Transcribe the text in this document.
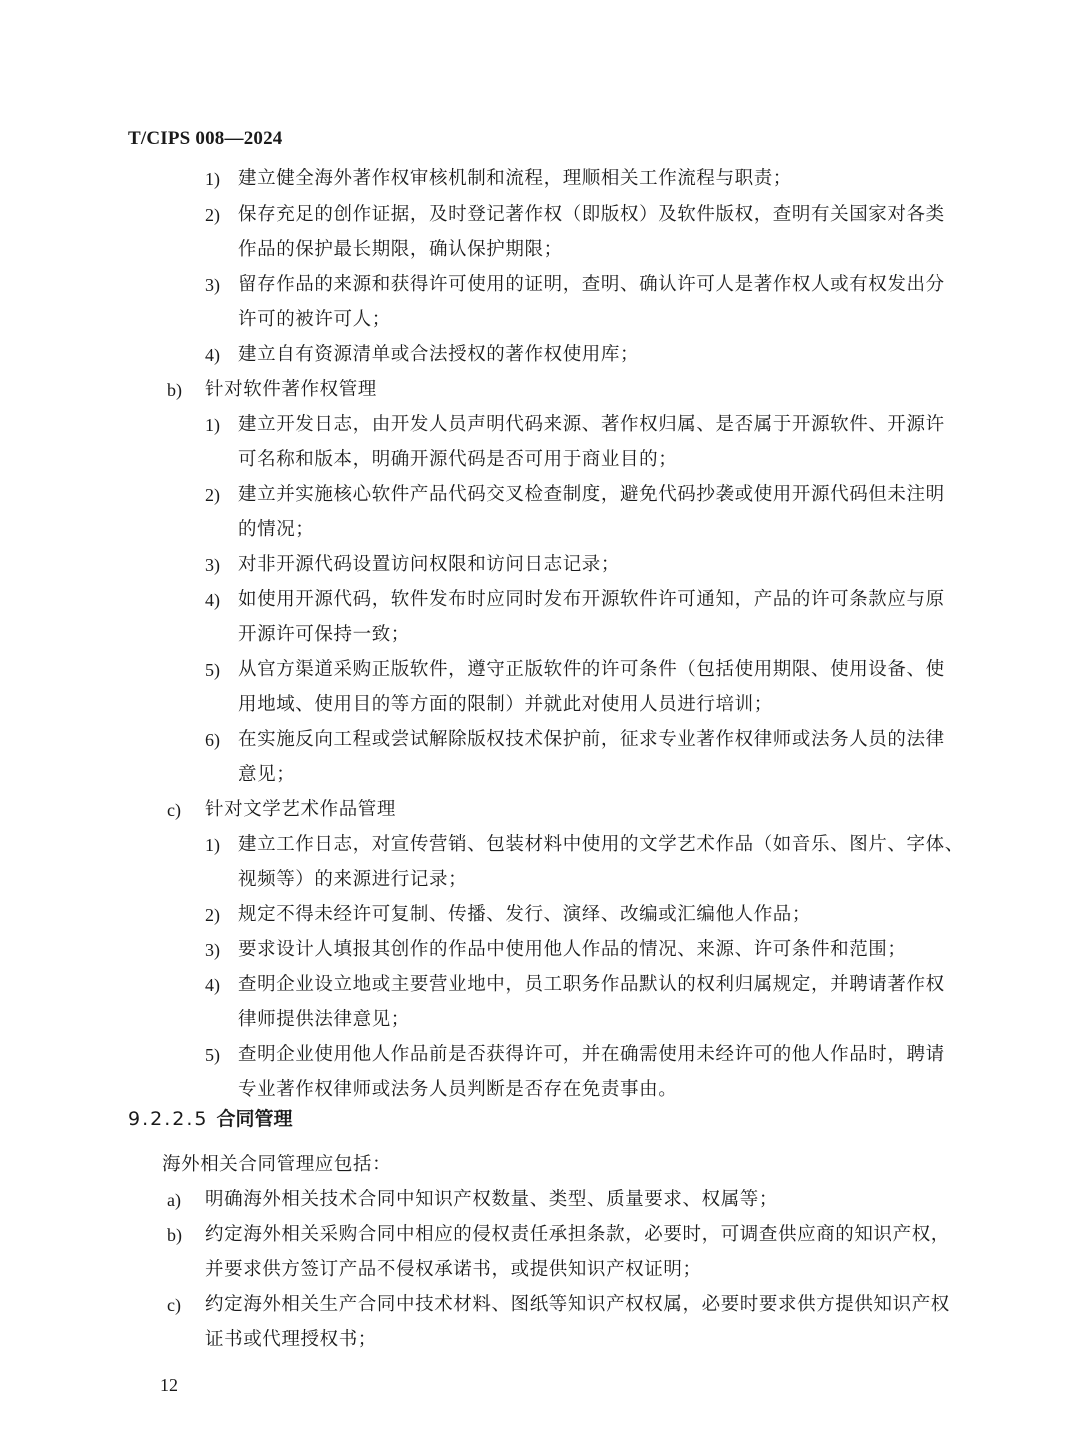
T/CIPS 008—2024
1) 建立健全海外著作权审核机制和流程，理顺相关工作流程与职责；
2) 保存充足的创作证据，及时登记著作权（即版权）及软件版权，查明有关国家对各类
作品的保护最长期限，确认保护期限；
3) 留存作品的来源和获得许可使用的证明，查明、确认许可人是著作权人或有权发出分
许可的被许可人；
4) 建立自有资源清单或合法授权的著作权使用库；
b) 针对软件著作权管理
1) 建立开发日志，由开发人员声明代码来源、著作权归属、是否属于开源软件、开源许
可名称和版本，明确开源代码是否可用于商业目的；
2) 建立并实施核心软件产品代码交叉检查制度，避免代码抄袭或使用开源代码但未注明
的情况；
3) 对非开源代码设置访问权限和访问日志记录；
4) 如使用开源代码，软件发布时应同时发布开源软件许可通知，产品的许可条款应与原
开源许可保持一致；
5) 从官方渠道采购正版软件，遵守正版软件的许可条件（包括使用期限、使用设备、使
用地域、使用目的等方面的限制）并就此对使用人员进行培训；
6) 在实施反向工程或尝试解除版权技术保护前，征求专业著作权律师或法务人员的法律
意见；
c) 针对文学艺术作品管理
1) 建立工作日志，对宣传营销、包装材料中使用的文学艺术作品（如音乐、图片、字体、
视频等）的来源进行记录；
2) 规定不得未经许可复制、传播、发行、演绎、改编或汇编他人作品；
3) 要求设计人填报其创作的作品中使用他人作品的情况、来源、许可条件和范围；
4) 查明企业设立地或主要营业地中，员工职务作品默认的权利归属规定，并聘请著作权
律师提供法律意见；
5) 查明企业使用他人作品前是否获得许可，并在确需使用未经许可的他人作品时，聘请
专业著作权律师或法务人员判断是否存在免责事由。
9.2.2.5 合同管理
海外相关合同管理应包括：
a) 明确海外相关技术合同中知识产权数量、类型、质量要求、权属等；
b) 约定海外相关采购合同中相应的侵权责任承担条款，必要时，可调查供应商的知识产权，
并要求供方签订产品不侵权承诺书，或提供知识产权证明；
c) 约定海外相关生产合同中技术材料、图纸等知识产权权属，必要时要求供方提供知识产权
证书或代理授权书；
12
